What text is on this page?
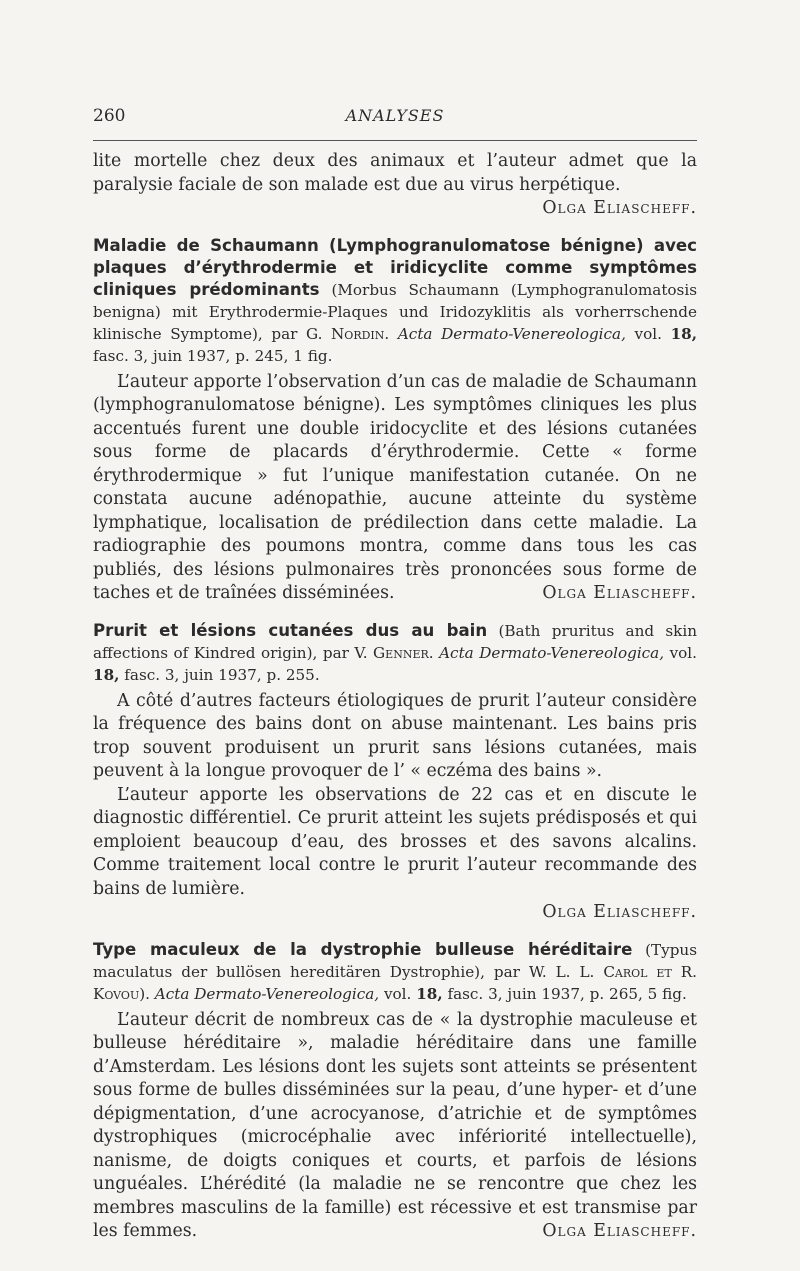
260	ANALYSES

lite mortelle chez deux des animaux et l’auteur admet que la paralysie faciale de son malade est due au virus herpétique.

Olga Eliascheff.

Maladie de Schaumann (Lymphogranulomatose bénigne) avec plaques d’érythrodermie et iridicyclite comme symptômes cliniques prédominants (Morbus Schaumann (Lymphogranulomatosis benigna) mit Erythrodermie-Plaques und Iridozyklitis als vorherrschende klinische Symptome), par G. Nordin. Acta Dermato-Venereologica, vol. 18, fasc. 3, juin 1937, p. 245, 1 fig.

L’auteur apporte l’observation d’un cas de maladie de Schaumann (lymphogranulomatose bénigne). Les symptômes cliniques les plus accentués furent une double iridocyclite et des lésions cutanées sous forme de placards d’érythrodermie. Cette « forme érythrodermique » fut l’unique manifestation cutanée. On ne constata aucune adénopathie, aucune atteinte du système lymphatique, localisation de prédilection dans cette maladie. La radiographie des poumons montra, comme dans tous les cas publiés, des lésions pulmonaires très prononcées sous forme de taches et de traînées disséminées.	Olga Eliascheff.

Prurit et lésions cutanées dus au bain (Bath pruritus and skin affections of Kindred origin), par V. Genner. Acta Dermato-Venereologica, vol. 18, fasc. 3, juin 1937, p. 255.

A côté d’autres facteurs étiologiques de prurit l’auteur considère la fréquence des bains dont on abuse maintenant. Les bains pris trop souvent produisent un prurit sans lésions cutanées, mais peuvent à la longue provoquer de l’ « eczéma des bains ».

L’auteur apporte les observations de 22 cas et en discute le diagnostic différentiel. Ce prurit atteint les sujets prédisposés et qui emploient beaucoup d’eau, des brosses et des savons alcalins. Comme traitement local contre le prurit l’auteur recommande des bains de lumière.

Olga Eliascheff.

Type maculeux de la dystrophie bulleuse héréditaire (Typus maculatus der bullösen hereditären Dystrophie), par W. L. L. Carol et R. Kovou). Acta Dermato-Venereologica, vol. 18, fasc. 3, juin 1937, p. 265, 5 fig.

L’auteur décrit de nombreux cas de « la dystrophie maculeuse et bulleuse héréditaire », maladie héréditaire dans une famille d’Amsterdam. Les lésions dont les sujets sont atteints se présentent sous forme de bulles disséminées sur la peau, d’une hyper- et d’une dépigmentation, d’une acrocyanose, d’atrichie et de symptômes dystrophiques (microcéphalie avec infériorité intellectuelle), nanisme, de doigts coniques et courts, et parfois de lésions unguéales. L’hérédité (la maladie ne se rencontre que chez les membres masculins de la famille) est récessive et est transmise par les femmes.	Olga Eliascheff.
